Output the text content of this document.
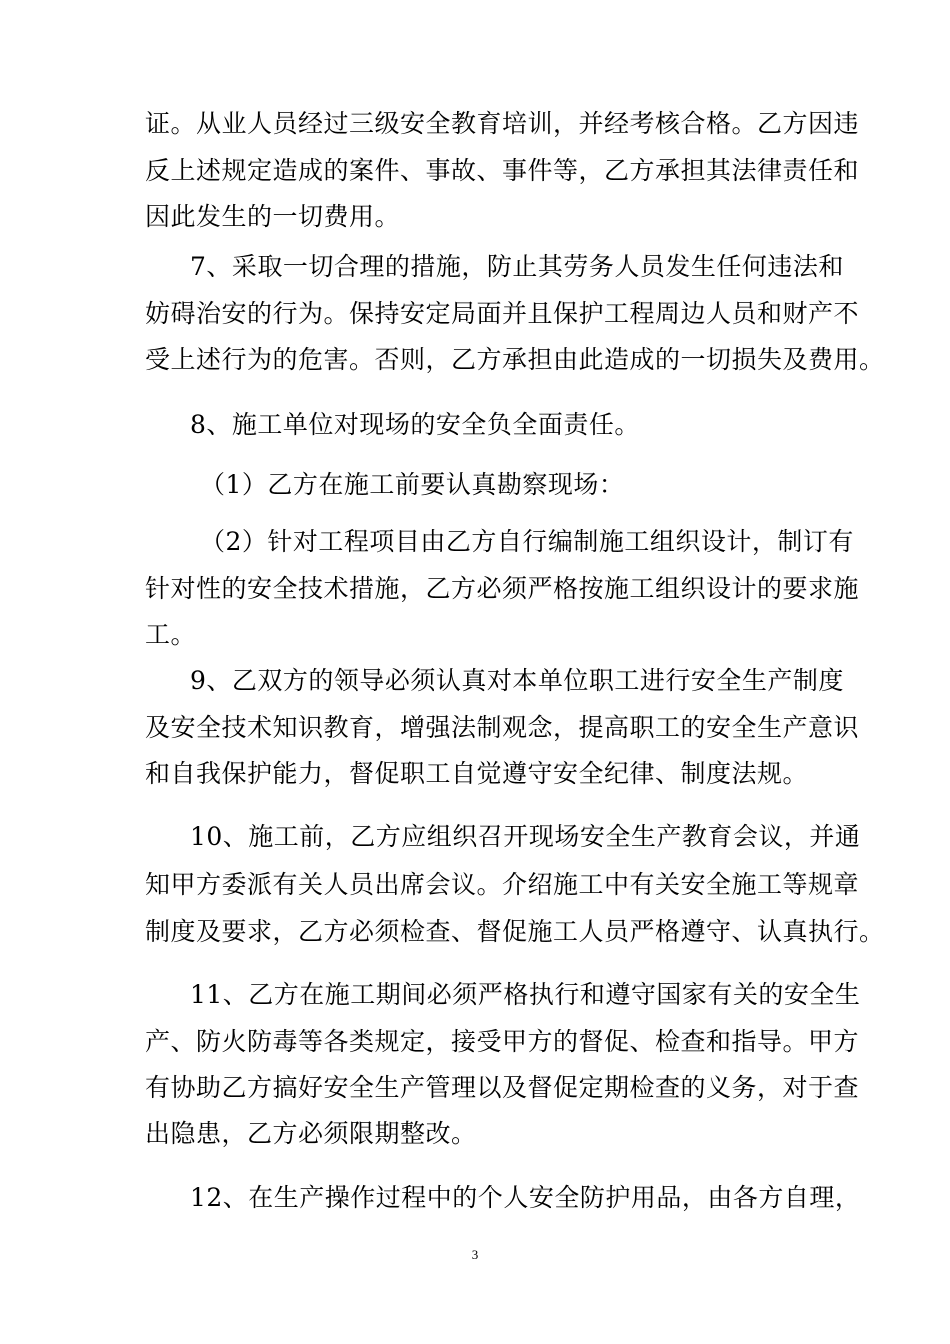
证。从业人员经过三级安全教育培训，并经考核合格。乙方因违
反上述规定造成的案件、事故、事件等，乙方承担其法律责任和
因此发生的一切费用。
7、采取一切合理的措施，防止其劳务人员发生任何违法和
妨碍治安的行为。保持安定局面并且保护工程周边人员和财产不
受上述行为的危害。否则，乙方承担由此造成的一切损失及费用。
8、施工单位对现场的安全负全面责任。
（1）乙方在施工前要认真勘察现场：
（2）针对工程项目由乙方自行编制施工组织设计，制订有
针对性的安全技术措施，乙方必须严格按施工组织设计的要求施
工。
9、乙双方的领导必须认真对本单位职工进行安全生产制度
及安全技术知识教育，增强法制观念，提高职工的安全生产意识
和自我保护能力，督促职工自觉遵守安全纪律、制度法规。
10、施工前，乙方应组织召开现场安全生产教育会议，并通
知甲方委派有关人员出席会议。介绍施工中有关安全施工等规章
制度及要求，乙方必须检查、督促施工人员严格遵守、认真执行。
11、乙方在施工期间必须严格执行和遵守国家有关的安全生
产、防火防毒等各类规定，接受甲方的督促、检查和指导。甲方
有协助乙方搞好安全生产管理以及督促定期检查的义务，对于查
出隐患，乙方必须限期整改。
12、在生产操作过程中的个人安全防护用品，由各方自理，
3
